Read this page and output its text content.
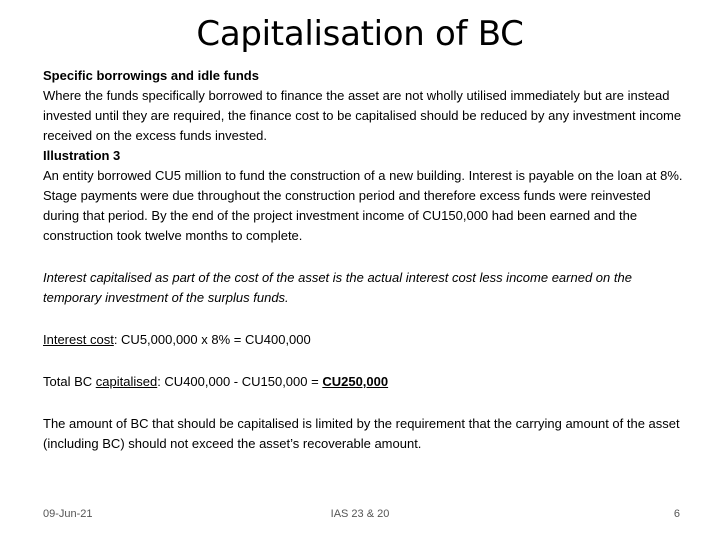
Capitalisation of BC

Specific borrowings and idle funds

Where the funds specifically borrowed to finance the asset are not wholly utilised immediately but are instead invested until they are required, the finance cost to be capitalised should be reduced by any investment income received on the excess funds invested.

Illustration 3

An entity borrowed CU5 million to fund the construction of a new building. Interest is payable on the loan at 8%. Stage payments were due throughout the construction period and therefore excess funds were reinvested during that period. By the end of the project investment income of CU150,000 had been earned and the construction took twelve months to complete.

Interest capitalised as part of the cost of the asset is the actual interest cost less income earned on the temporary investment of the surplus funds.

Interest cost: CU5,000,000 x 8% = CU400,000

Total BC capitalised: CU400,000 - CU150,000 = CU250,000

The amount of BC that should be capitalised is limited by the requirement that the carrying amount of the asset (including BC) should not exceed the asset’s recoverable amount.

09-Jun-21	IAS 23 & 20	6
